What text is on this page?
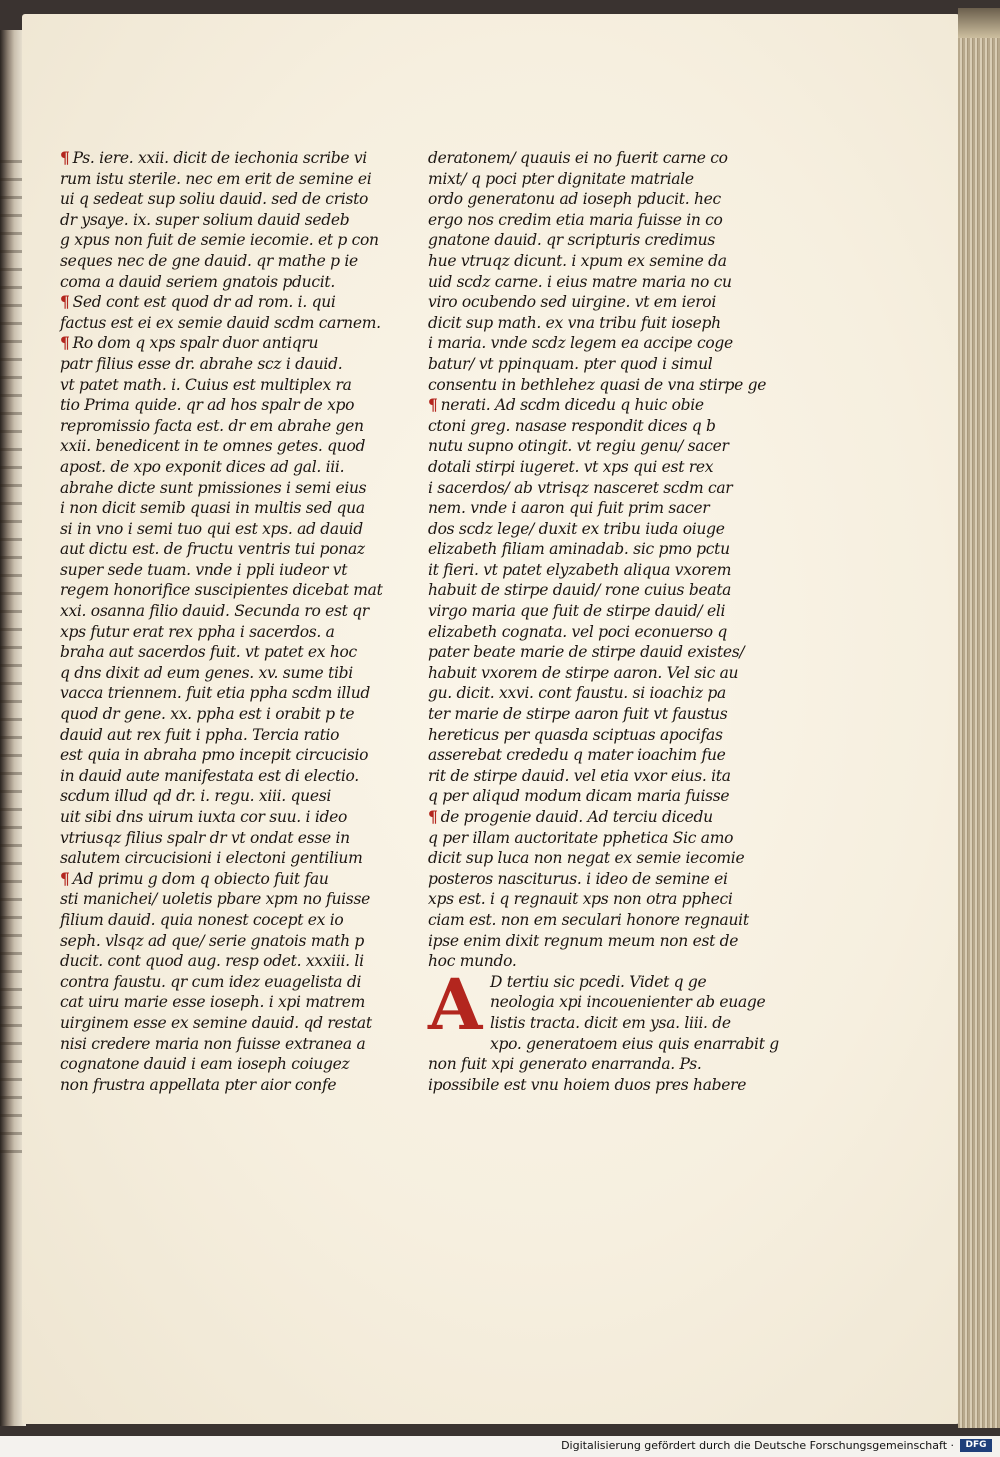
¶ Ps. iere. xxii. dicit de iechonia scribe vi
rum istu sterile. nec em erit de semine ei
ui q sedeat sup soliu dauid. sed de cristo
dr ysaye. ix. super solium dauid sedeb
g xpus non fuit de semie iecomie. et p con
seques nec de gne dauid. qr mathe p ie
coma a dauid seriem gnatois pducit.
¶ Sed cont est quod dr ad rom. i. qui
factus est ei ex semie dauid scdm carnem.
¶ Ro dom q xps spalr duor antiqru
patr filius esse dr. abrahe scz i dauid.
vt patet math. i. Cuius est multiplex ra
tio Prima quide. qr ad hos spalr de xpo
repromissio facta est. dr em abrahe gen
xxii. benedicent in te omnes getes. quod
apost. de xpo exponit dices ad gal. iii.
abrahe dicte sunt pmissiones i semi eius
i non dicit semib quasi in multis sed qua
si in vno i semi tuo qui est xps. ad dauid
aut dictu est. de fructu ventris tui ponaz
super sede tuam. vnde i ppli iudeor vt
regem honorifice suscipientes dicebat mat
xxi. osanna filio dauid. Secunda ro est qr
xps futur erat rex ppha i sacerdos. a
braha aut sacerdos fuit. vt patet ex hoc
q dns dixit ad eum genes. xv. sume tibi
vacca triennem. fuit etia ppha scdm illud
quod dr gene. xx. ppha est i orabit p te
dauid aut rex fuit i ppha. Tercia ratio
est quia in abraha pmo incepit circucisio
in dauid aute manifestata est di electio.
scdum illud qd dr. i. regu. xiii. quesi
uit sibi dns uirum iuxta cor suu. i ideo
vtriusqz filius spalr dr vt ondat esse in
salutem circucisioni i electoni gentilium
¶ Ad primu g dom q obiecto fuit fau
sti manichei/ uoletis pbare xpm no fuisse
filium dauid. quia nonest cocept ex io
seph. vlsqz ad que/ serie gnatois math p
ducit. cont quod aug. resp odet. xxxiii. li
contra faustu. qr cum idez euagelista di
cat uiru marie esse ioseph. i xpi matrem
uirginem esse ex semine dauid. qd restat
nisi credere maria non fuisse extranea a
cognatone dauid i eam ioseph coiugez
non frustra appellata pter aior confe
deratonem/ quauis ei no fuerit carne co
mixt/ q poci pter dignitate matriale
ordo generatonu ad ioseph pducit. hec
ergo nos credim etia maria fuisse in co
gnatone dauid. qr scripturis credimus
hue vtruqz dicunt. i xpum ex semine da
uid scdz carne. i eius matre maria no cu
viro ocubendo sed uirgine. vt em ieroi
dicit sup math. ex vna tribu fuit ioseph
i maria. vnde scdz legem ea accipe coge
batur/ vt ppinquam. pter quod i simul
consentu in bethlehez quasi de vna stirpe ge
¶ nerati. Ad scdm dicedu q huic obie
ctoni greg. nasase respondit dices q b
nutu supno otingit. vt regiu genu/ sacer
dotali stirpi iugeret. vt xps qui est rex
i sacerdos/ ab vtrisqz nasceret scdm car
nem. vnde i aaron qui fuit prim sacer
dos scdz lege/ duxit ex tribu iuda oiuge
elizabeth filiam aminadab. sic pmo pctu
it fieri. vt patet elyzabeth aliqua vxorem
habuit de stirpe dauid/ rone cuius beata
virgo maria que fuit de stirpe dauid/ eli
elizabeth cognata. vel poci econuerso q
pater beate marie de stirpe dauid existes/
habuit vxorem de stirpe aaron. Vel sic au
gu. dicit. xxvi. cont faustu. si ioachiz pa
ter marie de stirpe aaron fuit vt faustus
hereticus per quasda sciptuas apocifas
asserebat crededu q mater ioachim fue
rit de stirpe dauid. vel etia vxor eius. ita
q per aliqud modum dicam maria fuisse
¶ de progenie dauid. Ad terciu dicedu
q per illam auctoritate pphetica Sic amo
dicit sup luca non negat ex semie iecomie
posteros nasciturus. i ideo de semine ei
xps est. i q regnauit xps non otra ppheci
ciam est. non em seculari honore regnauit
ipse enim dixit regnum meum non est de
hoc mundo.
A D tertiu sic pcedi. Videt q ge
neologia xpi incouenienter ab euage
listis tracta. dicit em ysa. liii. de
xpo. generatoem eius quis enarrabit g
non fuit xpi generato enarranda. Ps.
ipossibile est vnu hoiem duos pres habere
Digitalisierung gefördert durch die Deutsche Forschungsgemeinschaft ·	DFG
